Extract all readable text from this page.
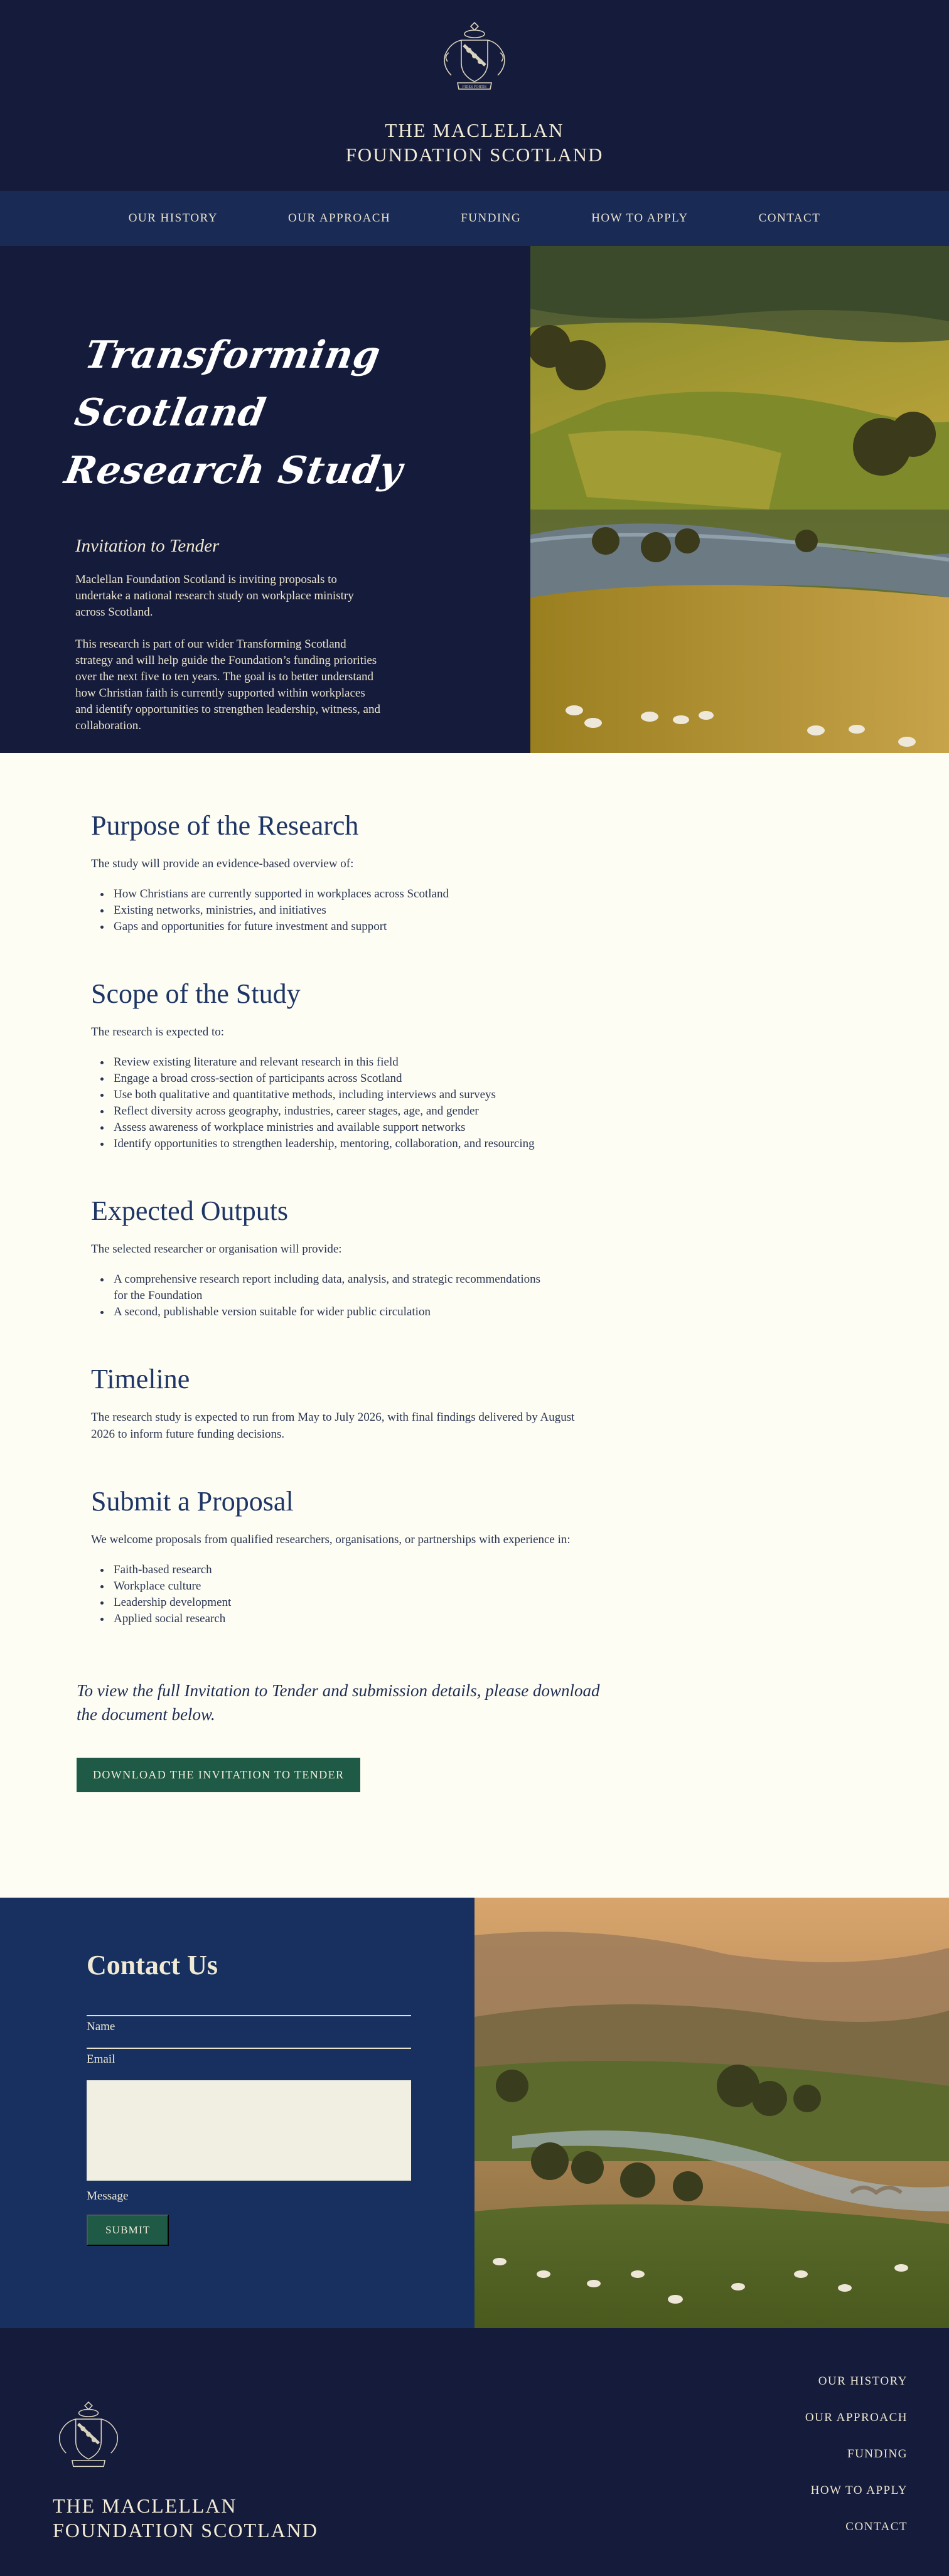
FIDES FORTIS
THE MACLELLAN
FOUNDATION SCOTLAND
OUR HISTORY	OUR APPROACH	FUNDING	HOW TO APPLY	CONTACT
Transforming Scotland
Research Study
Invitation to Tender

Maclellan Foundation Scotland is inviting proposals to undertake a national research study on workplace ministry across Scotland.

This research is part of our wider Transforming Scotland strategy and will help guide the Foundation’s funding priorities over the next five to ten years. The goal is to better understand how Christian faith is currently supported within workplaces and identify opportunities to strengthen leadership, witness, and collaboration.

Purpose of the Research

The study will provide an evidence-based overview of:

• How Christians are currently supported in workplaces across Scotland
• Existing networks, ministries, and initiatives
• Gaps and opportunities for future investment and support
Scope of the Study

The research is expected to:

• Review existing literature and relevant research in this field
• Engage a broad cross-section of participants across Scotland
• Use both qualitative and quantitative methods, including interviews and surveys
• Reflect diversity across geography, industries, career stages, age, and gender
• Assess awareness of workplace ministries and available support networks
• Identify opportunities to strengthen leadership, mentoring, collaboration, and resourcing
Expected Outputs

The selected researcher or organisation will provide:

• A comprehensive research report including data, analysis, and strategic recommendations for the Foundation
• A second, publishable version suitable for wider public circulation
Timeline

The research study is expected to run from May to July 2026, with final findings delivered by August 2026 to inform future funding decisions.

Submit a Proposal

We welcome proposals from qualified researchers, organisations, or partnerships with experience in:

• Faith-based research
• Workplace culture
• Leadership development
• Applied social research

To view the full Invitation to Tender and submission details, please download the document below.

DOWNLOAD THE INVITATION TO TENDER
Contact Us
Name
Email
Message
SUBMIT
THE MACLELLAN
FOUNDATION SCOTLAND
OUR HISTORY
OUR APPROACH
FUNDING
HOW TO APPLY
CONTACT
